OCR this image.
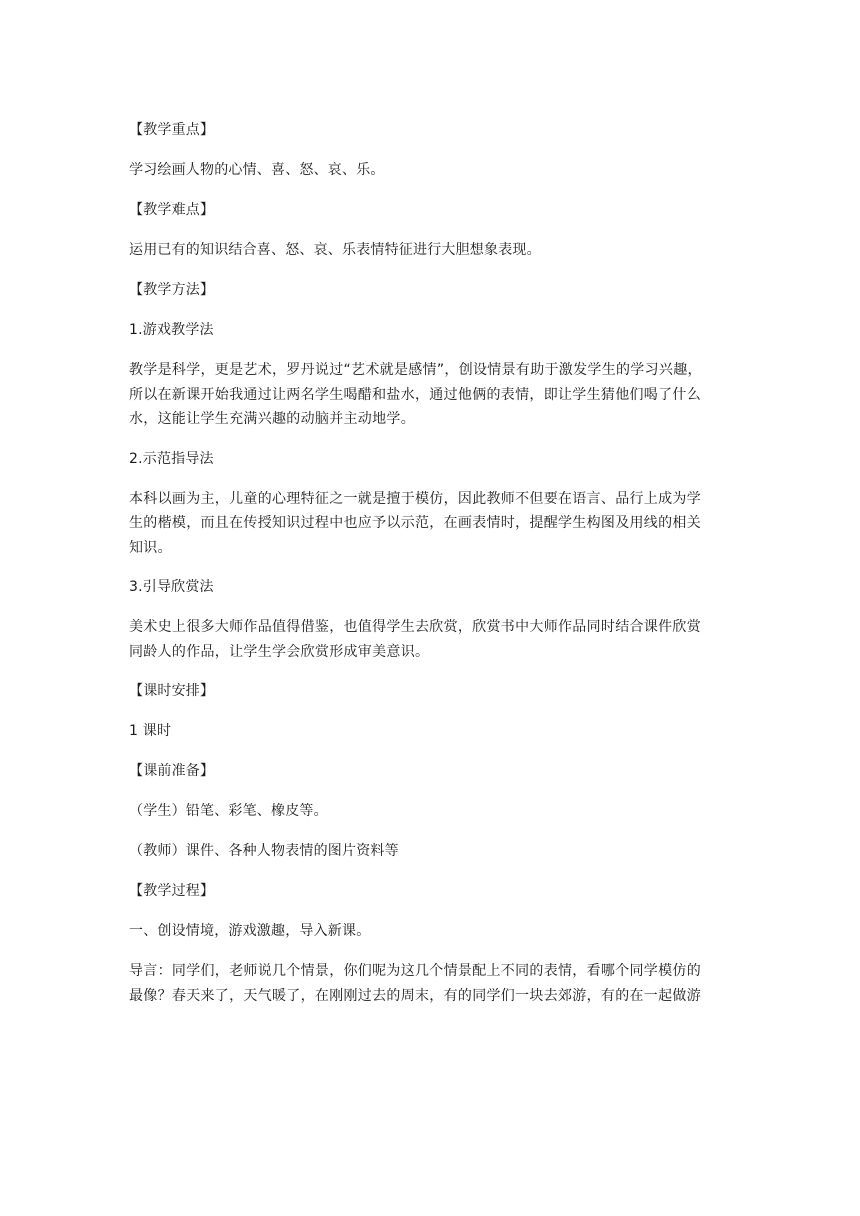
【教学重点】

学习绘画人物的心情、喜、怒、哀、乐。

【教学难点】

运用已有的知识结合喜、怒、哀、乐表情特征进行大胆想象表现。

【教学方法】

1.游戏教学法

教学是科学，更是艺术，罗丹说过“艺术就是感情”，创设情景有助于激发学生的学习兴趣，
所以在新课开始我通过让两名学生喝醋和盐水，通过他俩的表情，即让学生猜他们喝了什么
水，这能让学生充满兴趣的动脑并主动地学。

2.示范指导法

本科以画为主，儿童的心理特征之一就是擅于模仿，因此教师不但要在语言、品行上成为学
生的楷模，而且在传授知识过程中也应予以示范，在画表情时，提醒学生构图及用线的相关
知识。

3.引导欣赏法

美术史上很多大师作品值得借鉴，也值得学生去欣赏，欣赏书中大师作品同时结合课件欣赏
同龄人的作品，让学生学会欣赏形成审美意识。

【课时安排】

1 课时

【课前准备】

（学生）铅笔、彩笔、橡皮等。

（教师）课件、各种人物表情的图片资料等

【教学过程】

一、创设情境，游戏激趣，导入新课。

导言：同学们，老师说几个情景，你们呢为这几个情景配上不同的表情，看哪个同学模仿的
最像？春天来了，天气暖了，在刚刚过去的周末，有的同学们一块去郊游，有的在一起做游
